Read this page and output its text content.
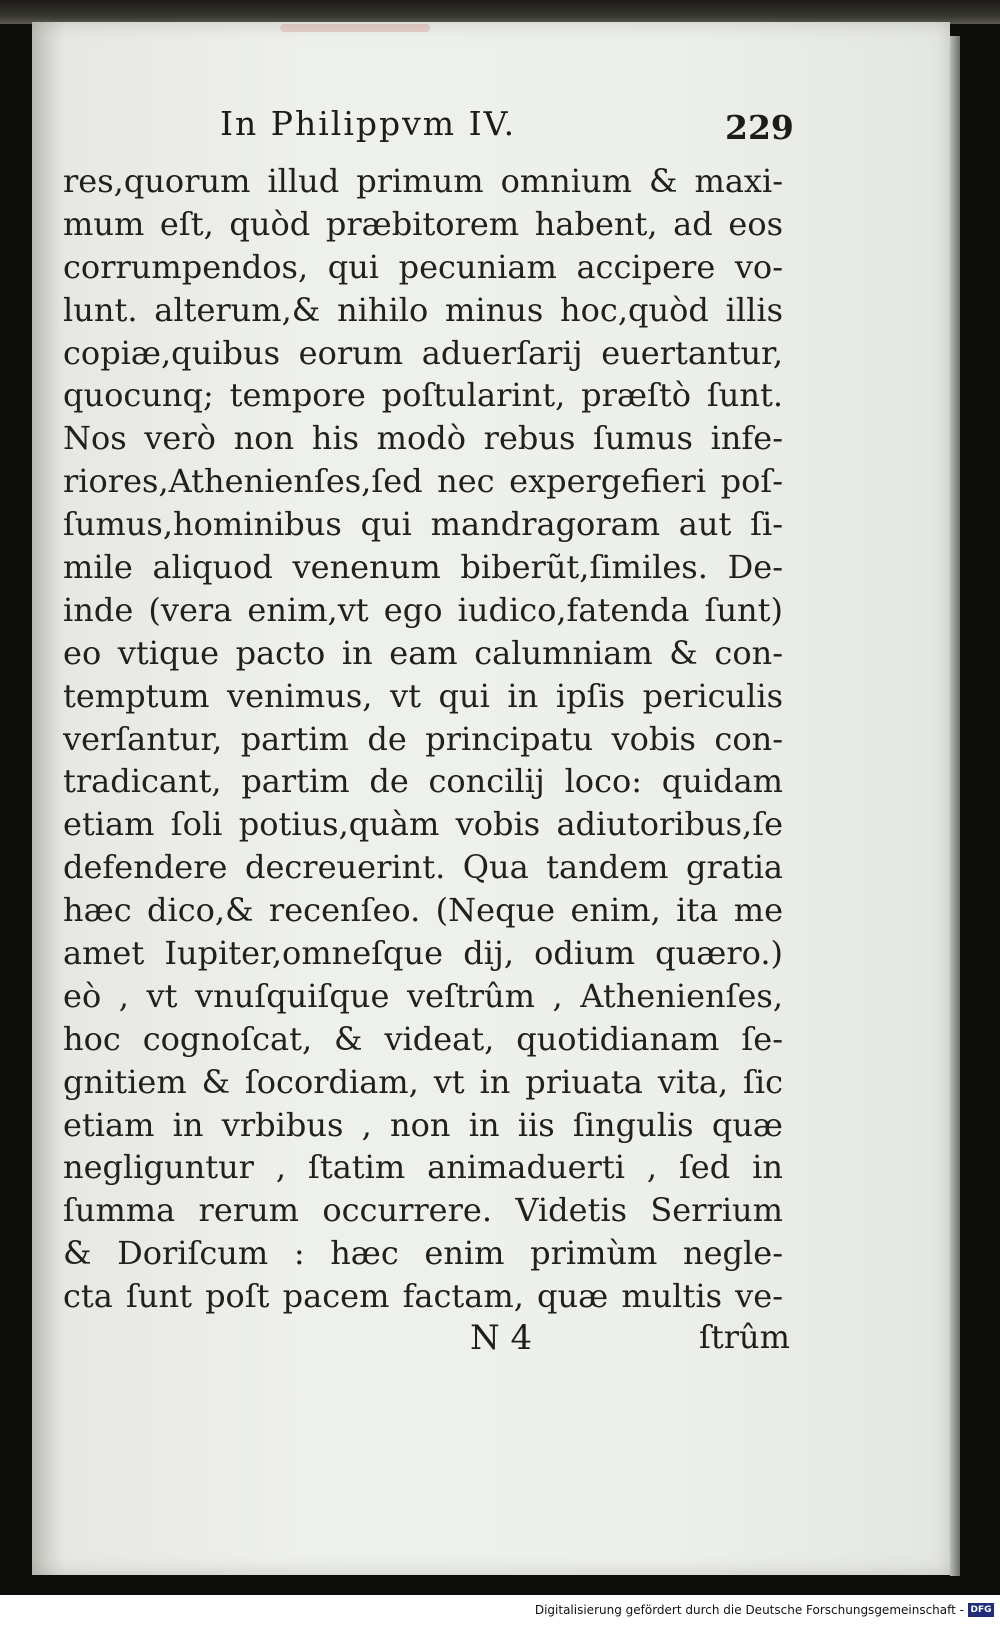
In Philippvm IV.	229
res,quorum illud primum omnium & maxi-
mum eſt, quòd præbitorem habent, ad eos
corrumpendos, qui pecuniam accipere vo-
lunt. alterum,& nihilo minus hoc,quòd illis
copiæ,quibus eorum aduerſarij euertantur,
quocunq; tempore poſtularint, præſtò ſunt.
Nos verò non his modò rebus ſumus infe-
riores,Athenienſes,ſed nec expergefieri poſ-
ſumus,hominibus qui mandragoram aut ſi-
mile aliquod venenum biberũt,ſimiles. De-
inde (vera enim,vt ego iudico,fatenda ſunt)
eo vtique pacto in eam calumniam & con-
temptum venimus, vt qui in ipſis periculis
verſantur, partim de principatu vobis con-
tradicant, partim de concilij loco: quidam
etiam ſoli potius,quàm vobis adiutoribus,ſe
defendere decreuerint. Qua tandem gratia
hæc dico,& recenſeo. (Neque enim, ita me
amet Iupiter,omneſque dij, odium quæro.)
eò , vt vnuſquiſque veſtrûm , Athenienſes,
hoc cognoſcat, & videat, quotidianam ſe-
gnitiem & ſocordiam, vt in priuata vita, ſic
etiam in vrbibus , non in iis ſingulis quæ
negliguntur , ſtatim animaduerti , ſed in
ſumma rerum occurrere. Videtis Serrium
& Doriſcum : hæc enim primùm negle-
cta ſunt poſt pacem factam, quæ multis ve-
N 4	ſtrûm
Digitalisierung gefördert durch die Deutsche Forschungsgemeinschaft - DFG
